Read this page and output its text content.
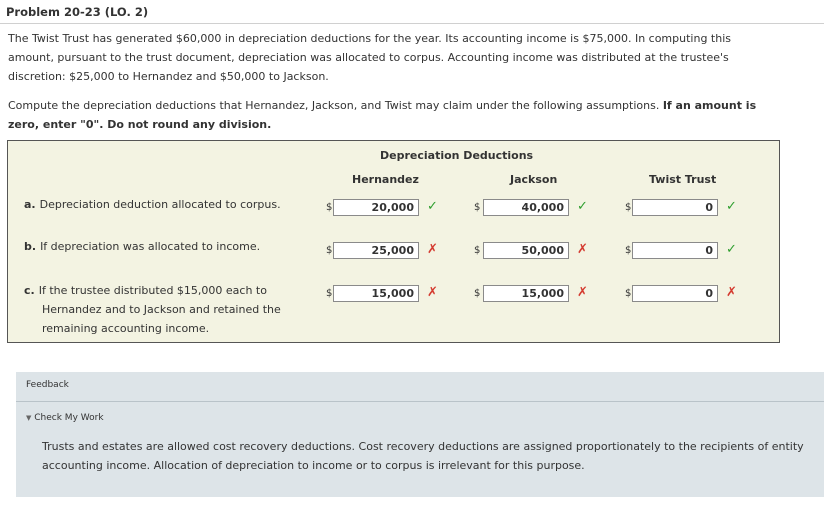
Problem 20-23 (LO. 2)
The Twist Trust has generated $60,000 in depreciation deductions for the year. Its accounting income is $75,000. In computing this
amount, pursuant to the trust document, depreciation was allocated to corpus. Accounting income was distributed at the trustee's
discretion: $25,000 to Hernandez and $50,000 to Jackson.
Compute the depreciation deductions that Hernandez, Jackson, and Twist may claim under the following assumptions. If an amount is
zero, enter "0". Do not round any division.
Depreciation Deductions
Hernandez	Jackson	Twist Trust
a. Depreciation deduction allocated to corpus.	$	20,000	✓	$	40,000	✓	$	0	✓
b. If depreciation was allocated to income.	$	25,000	✗	$	50,000	✗	$	0	✓
c. If the trustee distributed $15,000 each to
Hernandez and to Jackson and retained the
remaining accounting income.
$	15,000	✗	$	15,000	✗	$	0	✗
Feedback
▼ Check My Work
Trusts and estates are allowed cost recovery deductions. Cost recovery deductions are assigned proportionately to the recipients of entity
accounting income. Allocation of depreciation to income or to corpus is irrelevant for this purpose.
